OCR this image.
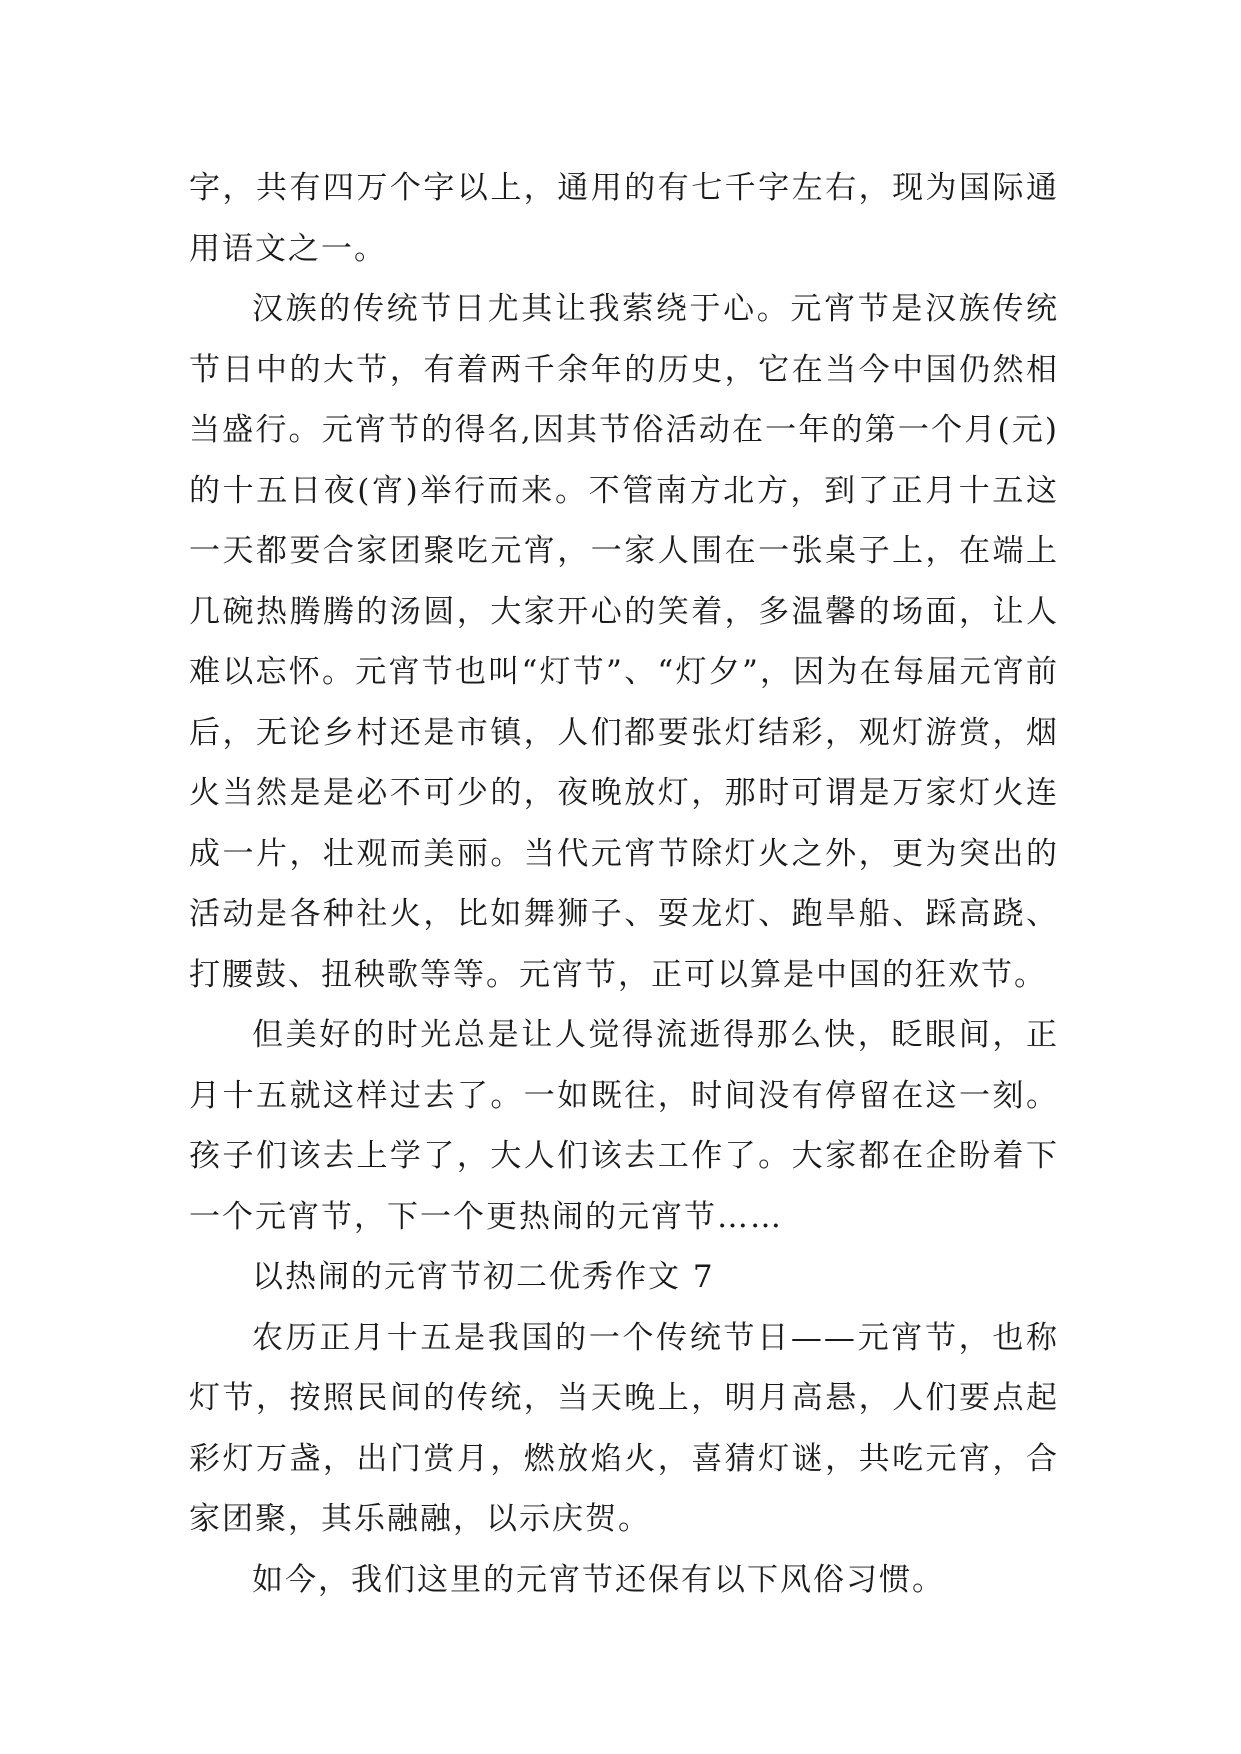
字，共有四万个字以上，通用的有七千字左右，现为国际通用语文之一。

汉族的传统节日尤其让我萦绕于心。元宵节是汉族传统节日中的大节，有着两千余年的历史，它在当今中国仍然相当盛行。元宵节的得名,因其节俗活动在一年的第一个月(元)的十五日夜(宵)举行而来。不管南方北方，到了正月十五这一天都要合家团聚吃元宵，一家人围在一张桌子上，在端上几碗热腾腾的汤圆，大家开心的笑着，多温馨的场面，让人难以忘怀。元宵节也叫“灯节”、“灯夕”，因为在每届元宵前后，无论乡村还是市镇，人们都要张灯结彩，观灯游赏，烟火当然是是必不可少的，夜晚放灯，那时可谓是万家灯火连成一片，壮观而美丽。当代元宵节除灯火之外，更为突出的活动是各种社火，比如舞狮子、耍龙灯、跑旱船、踩高跷、打腰鼓、扭秧歌等等。元宵节，正可以算是中国的狂欢节。

但美好的时光总是让人觉得流逝得那么快，眨眼间，正月十五就这样过去了。一如既往，时间没有停留在这一刻。孩子们该去上学了，大人们该去工作了。大家都在企盼着下一个元宵节，下一个更热闹的元宵节……

以热闹的元宵节初二优秀作文 7

农历正月十五是我国的一个传统节日——元宵节，也称灯节，按照民间的传统，当天晚上，明月高悬，人们要点起彩灯万盏，出门赏月，燃放焰火，喜猜灯谜，共吃元宵，合家团聚，其乐融融，以示庆贺。

如今，我们这里的元宵节还保有以下风俗习惯。
